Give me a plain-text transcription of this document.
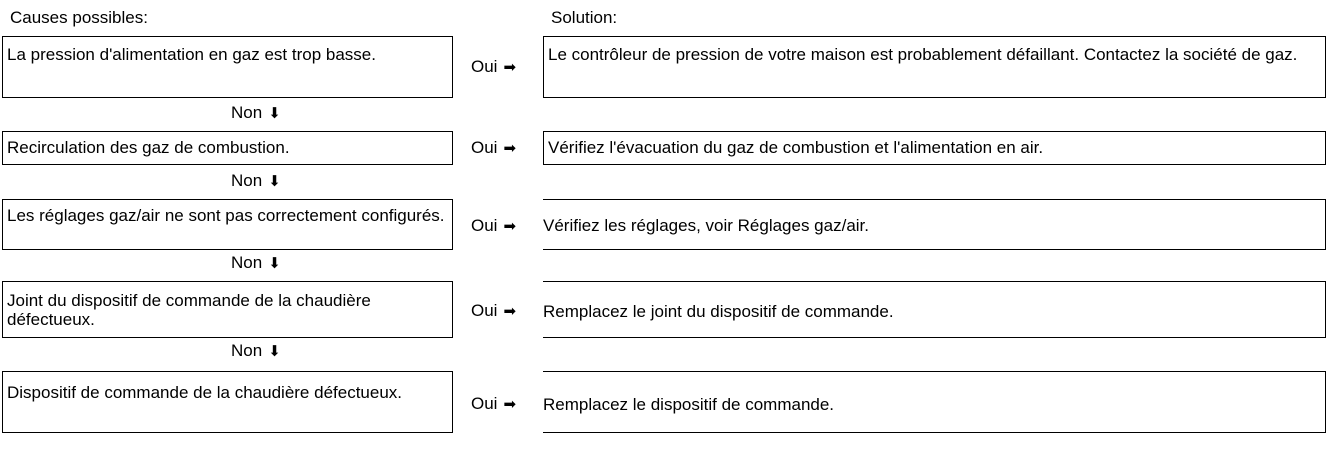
Causes possibles:	Solution:
La pression d'alimentation en gaz est trop basse.
Oui ➡
Le contrôleur de pression de votre maison est probablement défaillant. Contactez la société de gaz.
Non ⬇
Recirculation des gaz de combustion.	Oui ➡ Vérifiez l'évacuation du gaz de combustion et l'alimentation en air.
Non ⬇
Les réglages gaz/air ne sont pas correctement configurés.
Oui ➡ Vérifiez les réglages, voir Réglages gaz/air.
Non ⬇
Joint du dispositif de commande de la chaudière défectueux.	Oui ➡ Remplacez le joint du dispositif de commande.
Non ⬇
Dispositif de commande de la chaudière défectueux.
Oui ➡ Remplacez le dispositif de commande.
